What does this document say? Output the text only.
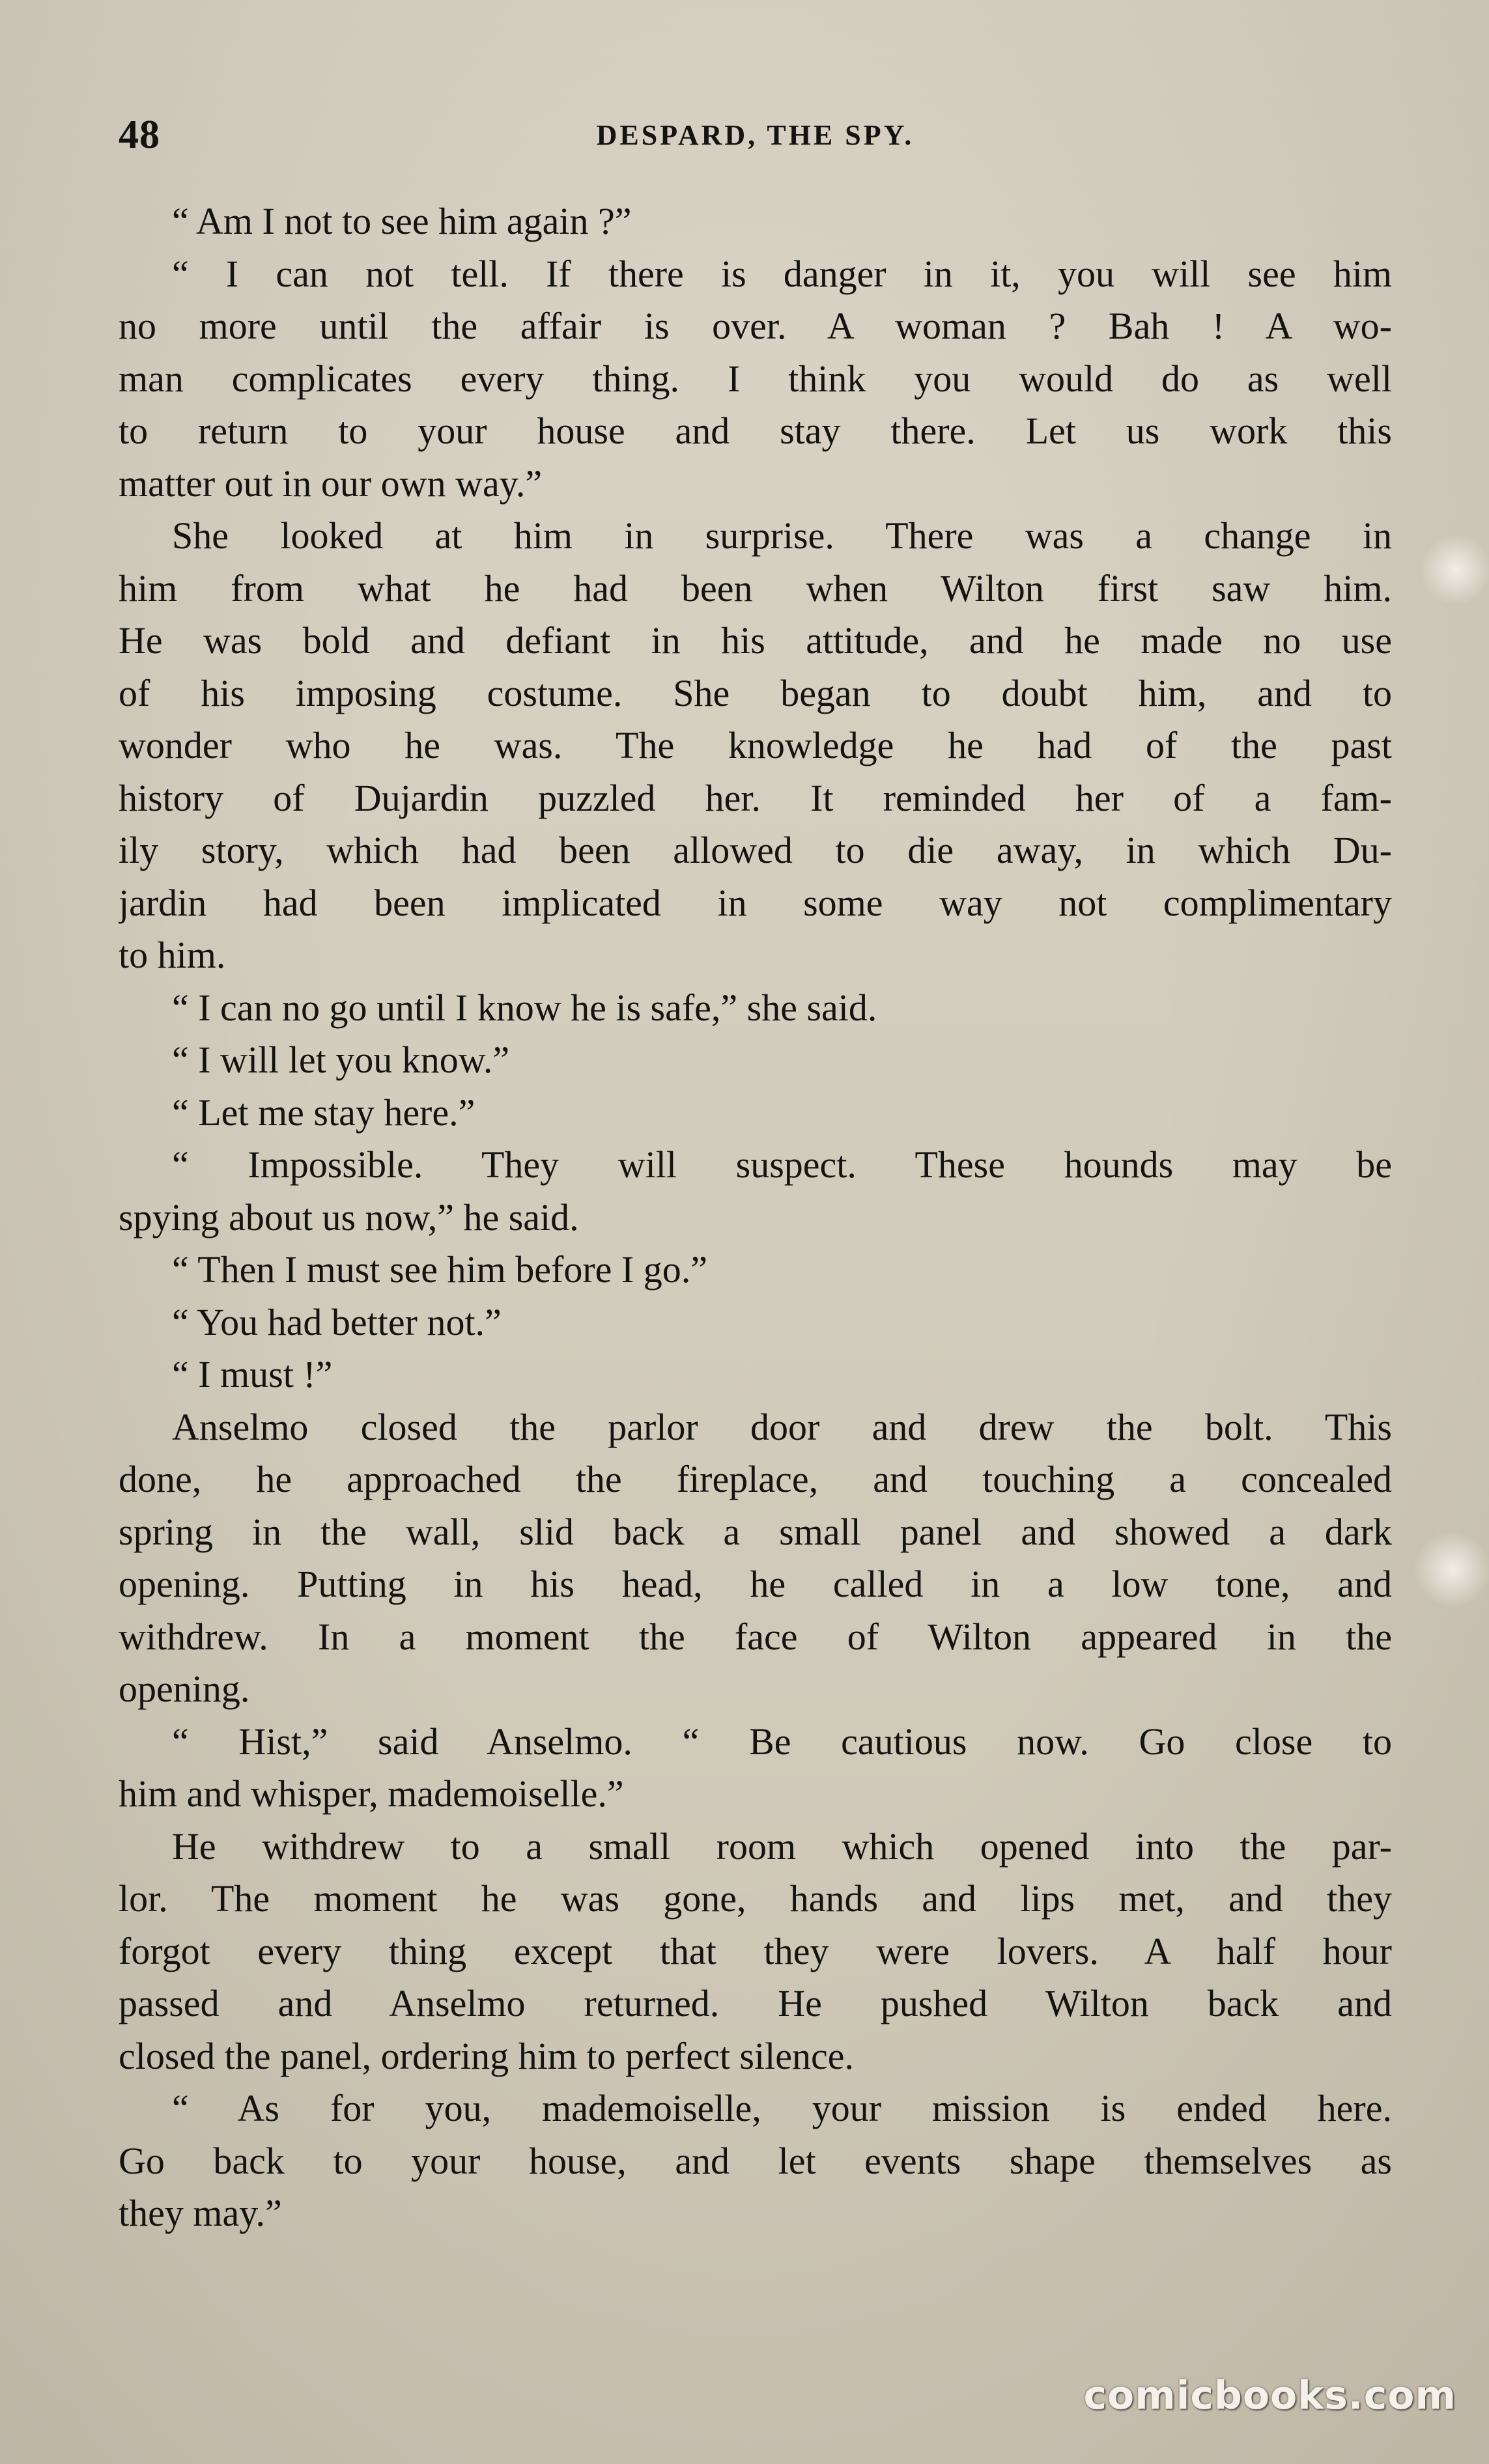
48	DESPARD, THE SPY.
“ Am I not to see him again ?”
“ I can not tell. If there is danger in it, you will see him
no more until the affair is over. A woman ? Bah ! A wo-
man complicates every thing. I think you would do as well
to return to your house and stay there. Let us work this
matter out in our own way.”
She looked at him in surprise. There was a change in
him from what he had been when Wilton first saw him.
He was bold and defiant in his attitude, and he made no use
of his imposing costume. She began to doubt him, and to
wonder who he was. The knowledge he had of the past
history of Dujardin puzzled her. It reminded her of a fam-
ily story, which had been allowed to die away, in which Du-
jardin had been implicated in some way not complimentary
to him.
“ I can no go until I know he is safe,” she said.
“ I will let you know.”
“ Let me stay here.”
“ Impossible. They will suspect. These hounds may be
spying about us now,” he said.
“ Then I must see him before I go.”
“ You had better not.”
“ I must !”
Anselmo closed the parlor door and drew the bolt. This
done, he approached the fireplace, and touching a concealed
spring in the wall, slid back a small panel and showed a dark
opening. Putting in his head, he called in a low tone, and
withdrew. In a moment the face of Wilton appeared in the
opening.
“ Hist,” said Anselmo. “ Be cautious now. Go close to
him and whisper, mademoiselle.”
He withdrew to a small room which opened into the par-
lor. The moment he was gone, hands and lips met, and they
forgot every thing except that they were lovers. A half hour
passed and Anselmo returned. He pushed Wilton back and
closed the panel, ordering him to perfect silence.
“ As for you, mademoiselle, your mission is ended here.
Go back to your house, and let events shape themselves as
they may.”
comicbooks.com
